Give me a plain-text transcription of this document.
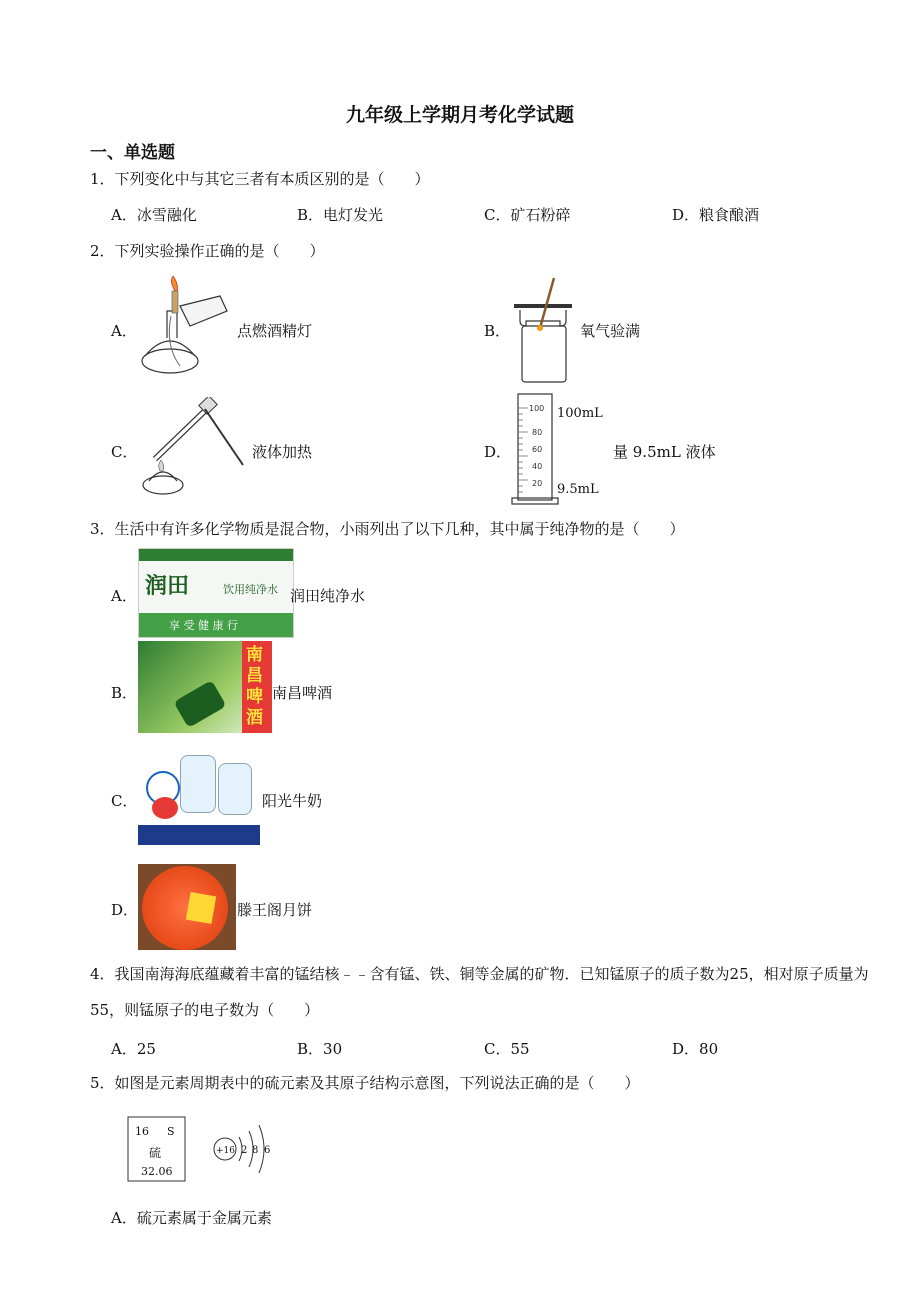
九年级上学期月考化学试题
一、单选题
1．下列变化中与其它三者有本质区别的是（　　）
A．冰雪融化	B．电灯发光	C．矿石粉碎	D．粮食酿酒
2．下列实验操作正确的是（　　）
A．	点燃酒精灯	B．	氧气验满
C．	液体加热	D．
100
80
60
40
20
100mL
9.5mL
量 9.5mL 液体
3．生活中有许多化学物质是混合物，小雨列出了以下几种，其中属于纯净物的是（　　）
A． 润田	饮用纯净水
享 受 健 康 行
润田纯净水
B．
南昌啤酒
南昌啤酒
C．	阳光牛奶
D．	滕王阁月饼
4．我国南海海底蕴藏着丰富的锰结核﹣﹣含有锰、铁、铜等金属的矿物．已知锰原子的质子数为25，相对原子质量为55，则锰原子的电子数为（　　）
A．25	B．30	C．55	D．80
5．如图是元素周期表中的硫元素及其原子结构示意图，下列说法正确的是（　　）
16 S
硫
32.06
+16 2 8 6
A．硫元素属于金属元素
